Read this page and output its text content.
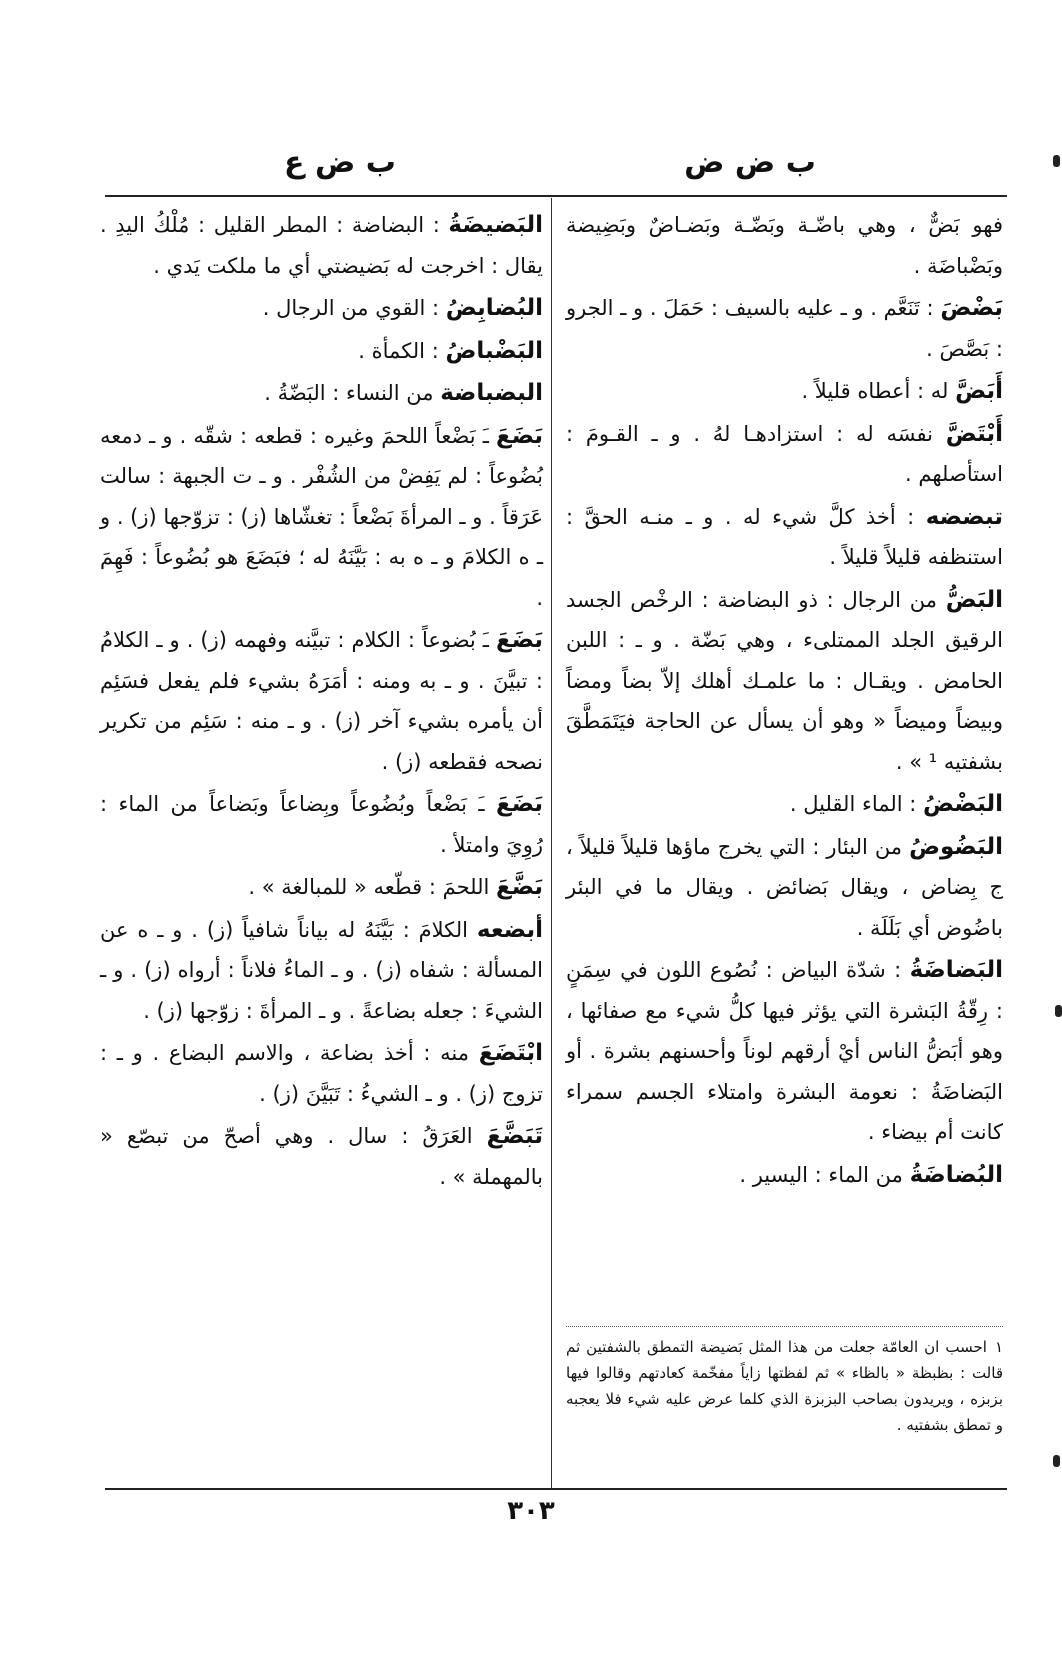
ب ض ض
ب ض ع

فهو بَضٌّ ، وهي باضّـة وبَضّـة وبَضـاضٌ وبَضِيضة وبَضْباضَة .

بَضْضَ : تَنَعَّم . و ـ عليه بالسيف : حَمَلَ . و ـ الجرو : بَصَّصَ .

أَبَضَّ له : أعطاه قليلاً .

أَبْتَضَّ نفسَه له : استزادهـا لهُ . و ـ القـومَ : استأصلهم .

تبضضه : أخذ كلَّ شيء له . و ـ منـه الحقَّ : استنظفه قليلاً قليلاً .

البَضُّ من الرجال : ذو البضاضة : الرخْص الجسد الرقيق الجلد الممتلىء ، وهي بَضّة . و ـ : اللبن الحامض . ويقـال : ما علمـك أهلك إلاّ بضاً ومضاً وبيضاً وميضاً « وهو أن يسأل عن الحاجة فيَتَمَطَّقَ بشفتيه ¹ » .

البَضْضُ : الماء القليل .

البَضُوضُ من البئار : التي يخرج ماؤها قليلاً قليلاً ، ج بِضاض ، ويقال بَضائض . ويقال ما في البئر باضُوض أي بَلَلَة .

البَضاضَةُ : شدّة البياض : نُصُوع اللون في سِمَنٍ : رِقّةُ البَشرة التي يؤثر فيها كلُّ شيء مع صفائها ، وهو أبَضُّ الناس أيْ أرقهم لوناً وأحسنهم بشرة . أو البَضاضَةُ : نعومة البشرة وامتلاء الجسم سمراء كانت أم بيضاء .

البُضاضَةُ من الماء : اليسير .

١احسب ان العامّة جعلت من هذا المثل بَضيضة التمطق بالشفتين ثم قالت : بظبظة « بالظاء » ثم لفظتها زاياً مفخّمة كعادتهم وقالوا فيها بزبزه ، ويريدون بصاحب البزبزة الذي كلما عرض عليه شيء فلا يعجبه و تمطق بشفتيه .

البَضيضَةُ : البضاضة : المطر القليل : مُلْكُ اليدِ . يقال : اخرجت له بَضيضتي أي ما ملكت يَدي .

البُضابِضُ : القوي من الرجال .

البَضْباضُ : الكمأة .

البضباضة من النساء : البَضّةُ .

بَضَعَ ـَ بَضْعاً اللحمَ وغيره : قطعه : شقّه . و ـ دمعه بُضُوعاً : لم يَفِضْ من الشُفْر . و ـ ت الجبهة : سالت عَرَقاً . و ـ المرأةَ بَضْعاً : تغشّاها (ز) : تزوّجها (ز) . و ـ ه الكلامَ و ـ ه به : بَيَّنَهُ له ؛ فبَضَعَ هو بُضُوعاً : فَهِمَ .

بَضَعَ ـَ بُضوعاً : الكلام : تبيَّنه وفهمه (ز) . و ـ الكلامُ : تبيَّنَ . و ـ به ومنه : أمَرَهُ بشيء فلم يفعل فسَئِم أن يأمره بشيء آخر (ز) . و ـ منه : سَئِم من تكرير نصحه فقطعه (ز) .

بَضَعَ ـَ بَضْعاً وبُضُوعاً وبِضاعاً وبَضاعاً من الماء : رُوِيَ وامتلأ .

بَضَّعَ اللحمَ : قطّعه « للمبالغة » .

أبضعه الكلامَ : بَيَّنَهُ له بياناً شافياً (ز) . و ـ ه عن المسألة : شفاه (ز) . و ـ الماءُ فلاناً : أرواه (ز) . و ـ الشيءَ : جعله بضاعةً . و ـ المرأةَ : زوّجها (ز) .

ابْتَضَعَ منه : أخذ بضاعة ، والاسم البضاع . و ـ : تزوج (ز) . و ـ الشيءُ : تَبَيَّنَ (ز) .

تَبَضَّعَ العَرَقُ : سال . وهي أصحّ من تبصّع « بالمهملة » .

٣٠٣
